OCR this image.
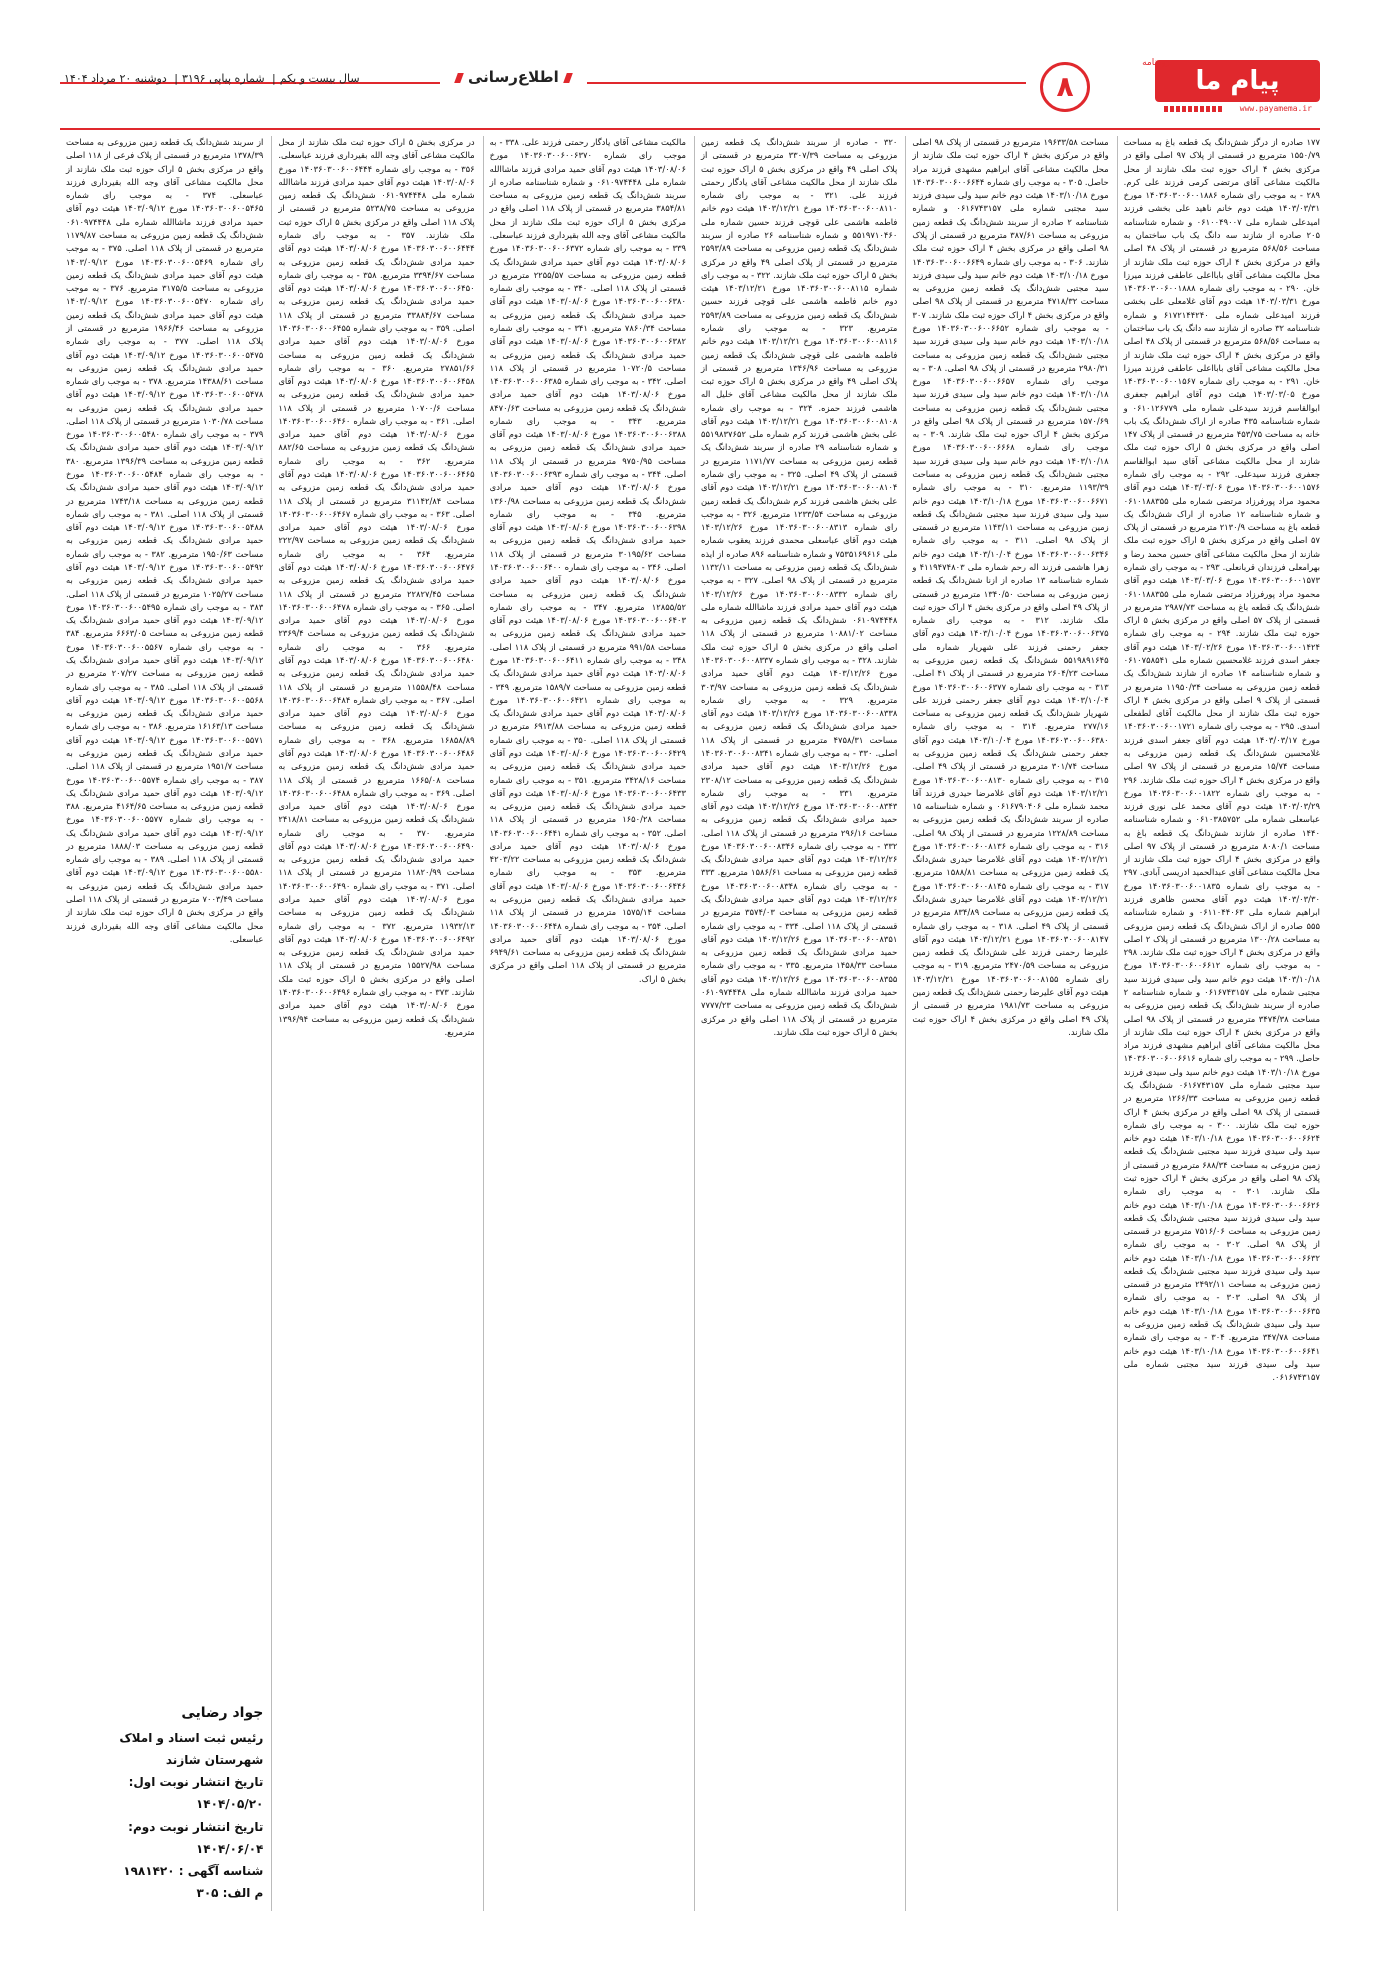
پیام ما
روزنامه
www.payamema.ir
۸
اطلاع‌رسانی
سال بیست و یکم| شماره پیاپی ۳۱۹۶| دوشنبه ۲۰ مرداد ۱۴۰۴

۱۷۷ صادره از درگز شش‌دانگ یک قطعه باغ به مساحت ۱۵۵۰/۷۹ مترمربع در قسمتی از پلاک ۹۷ اصلی واقع در مرکزی بخش ۴ اراک حوزه ثبت ملک شازند از محل مالکیت مشاعی آقای مرتضی کرمی فرزند علی کرم. ۲۸۹ - به موجب رای شماره ۱۴۰۳۶۰۳۰۰۶۰۰۱۸۸۶ مورخ ۱۴۰۳/۰۳/۳۱ هیئت دوم خانم ناهید علی بخشی فرزند امیدعلی شماره ملی ۰۶۱۰۰۴۹۰۰۷ و شماره شناسنامه ۲۰۵ صادره از شازند سه دانگ یک باب ساختمان به مساحت ۵۶۸/۵۶ مترمربع در قسمتی از پلاک ۴۸ اصلی واقع در مرکزی بخش ۴ اراک حوزه ثبت ملک شازند از محل مالکیت مشاعی آقای بابااعلی عاطفی فرزند میرزا خان. ۲۹۰ - به موجب رای شماره ۱۴۰۳۶۰۳۰۰۶۰۰۱۸۸۸ مورخ ۱۴۰۳/۰۳/۳۱ هیئت دوم آقای غلامعلی علی بخشی فرزند امیدعلی شماره ملی ۶۱۷۲۱۴۴۲۴۰ و شماره شناسنامه ۳۲ صادره از شازند سه دانگ یک باب ساختمان به مساحت ۵۶۸/۵۶ مترمربع در قسمتی از پلاک ۴۸ اصلی واقع در مرکزی بخش ۴ اراک حوزه ثبت ملک شازند از محل مالکیت مشاعی آقای بابااعلی عاطفی فرزند میرزا خان. ۲۹۱ - به موجب رای شماره ۱۴۰۳۶۰۳۰۰۶۰۰۱۵۶۷ مورخ ۱۴۰۳/۰۳/۰۵ هیئت دوم آقای ابراهیم جعفری ابوالقاسم فرزند سیدعلی شماره ملی ۰۶۱۰۱۲۶۷۷۹ و شماره شناسنامه ۴۳۵ صادره از اراک شش‌دانگ یک باب خانه به مساحت ۴۵۳/۷۵ مترمربع در قسمتی از پلاک ۱۴۷ اصلی واقع در مرکزی بخش ۵ اراک حوزه ثبت ملک شازند از محل مالکیت مشاعی آقای سید ابوالقاسم جعفری فرزند سیدعلی. ۲۹۲ - به موجب رای شماره ۱۴۰۳۶۰۳۰۰۶۰۰۱۵۷۶ مورخ ۱۴۰۳/۰۳/۰۶ هیئت دوم آقای محمود مراد پورفرزاد مرتضی شماره ملی ۰۶۱۰۱۸۸۳۵۵ و شماره شناسنامه ۱۲ صادره از اراک شش‌دانگ یک قطعه باغ به مساحت ۲۱۳۰/۹ مترمربع در قسمتی از پلاک ۵۷ اصلی واقع در مرکزی بخش ۵ اراک حوزه ثبت ملک شازند از محل مالکیت مشاعی آقای حسین محمد رضا و بهرامعلی فرزندان قربانعلی. ۲۹۳ - به موجب رای شماره ۱۴۰۳۶۰۳۰۰۶۰۰۱۵۷۳ مورخ ۱۴۰۳/۰۳/۰۶ هیئت دوم آقای محمود مراد پورفرزاد مرتضی شماره ملی ۰۶۱۰۱۸۸۳۵۵ شش‌دانگ یک قطعه باغ به مساحت ۲۹۸۷/۷۳ مترمربع در قسمتی از پلاک ۵۷ اصلی واقع در مرکزی بخش ۵ اراک حوزه ثبت ملک شازند. ۲۹۴ - به موجب رای شماره ۱۴۰۳۶۰۳۰۰۶۰۰۱۴۲۴ مورخ ۱۴۰۳/۰۲/۲۶ هیئت دوم آقای جعفر اسدی فرزند غلامحسین شماره ملی ۰۶۱۰۷۵۸۵۴۱ و شماره شناسنامه ۱۴ صادره از شازند شش‌دانگ یک قطعه زمین مزروعی به مساحت ۱۱۹۵۰/۳۴ مترمربع در قسمتی از پلاک ۹ اصلی واقع در مرکزی بخش ۴ اراک حوزه ثبت ملک شازند از محل مالکیت آقای لطفعلی اسدی. ۲۹۵ - به موجب رای شماره ۱۴۰۳۶۰۳۰۰۶۰۰۱۷۲۱ مورخ ۱۴۰۳/۰۳/۱۷ هیئت دوم آقای جعفر اسدی فرزند غلامحسین شش‌دانگ یک قطعه زمین مزروعی به مساحت ۱۵/۷۴ مترمربع در قسمتی از پلاک ۹۷ اصلی واقع در مرکزی بخش ۴ اراک حوزه ثبت ملک شازند. ۲۹۶ - به موجب رای شماره ۱۴۰۳۶۰۳۰۰۶۰۰۱۸۲۲ مورخ ۱۴۰۳/۰۳/۲۹ هیئت دوم آقای محمد علی نوری فرزند عباسعلی شماره ملی ۰۶۱۰۳۸۵۷۵۲ و شماره شناسنامه ۱۴۴۰ صادره از شازند شش‌دانگ یک قطعه باغ به مساحت ۸۰۸۰/۱ مترمربع در قسمتی از پلاک ۹۷ اصلی واقع در مرکزی بخش ۴ اراک حوزه ثبت ملک شازند از محل مالکیت مشاعی آقای عبدالحمید ادریسی آبادی. ۲۹۷ - به موجب رای شماره ۱۴۰۳۶۰۳۰۰۶۰۰۱۸۳۵ مورخ ۱۴۰۳/۰۳/۳۰ هیئت دوم آقای محسن ظاهری فرزند ابراهیم شماره ملی ۰۶۱۱۰۴۴۰۶۳ و شماره شناسنامه ۵۵۵ صادره از اراک شش‌دانگ یک قطعه زمین مزروعی به مساحت ۱۳۰۰/۲۸ مترمربع در قسمتی از پلاک ۲ اصلی واقع در مرکزی بخش ۴ اراک حوزه ثبت ملک شازند. ۲۹۸ - به موجب رای شماره ۱۴۰۳۶۰۳۰۰۶۰۰۶۶۱۲ مورخ ۱۴۰۳/۱۰/۱۸ هیئت دوم خانم سید ولی سیدی فرزند سید مجتبی شماره ملی ۰۶۱۶۷۴۳۱۵۷ و شماره شناسنامه ۲ صادره از سربند شش‌دانگ یک قطعه زمین مزروعی به مساحت ۳۴۷۴/۳۸ مترمربع در قسمتی از پلاک ۹۸ اصلی واقع در مرکزی بخش ۴ اراک حوزه ثبت ملک شازند از محل مالکیت مشاعی آقای ابراهیم مشهدی فرزند مراد حاصل. ۲۹۹ - به موجب رای شماره ۱۴۰۳۶۰۳۰۰۶۰۰۶۶۱۶ مورخ ۱۴۰۳/۱۰/۱۸ هیئت دوم خانم سید ولی سیدی فرزند سید مجتبی شماره ملی ۰۶۱۶۷۴۳۱۵۷ شش‌دانگ یک قطعه زمین مزروعی به مساحت ۱۲۶۶/۳۳ مترمربع در قسمتی از پلاک ۹۸ اصلی واقع در مرکزی بخش ۴ اراک حوزه ثبت ملک شازند. ۳۰۰ - به موجب رای شماره ۱۴۰۳۶۰۳۰۰۶۰۰۶۶۲۴ مورخ ۱۴۰۳/۱۰/۱۸ هیئت دوم خانم سید ولی سیدی فرزند سید مجتبی شش‌دانگ یک قطعه زمین مزروعی به مساحت ۶۸۸/۳۴ مترمربع در قسمتی از پلاک ۹۸ اصلی واقع در مرکزی بخش ۴ اراک حوزه ثبت ملک شازند. ۳۰۱ - به موجب رای شماره ۱۴۰۳۶۰۳۰۰۶۰۰۶۶۲۶ مورخ ۱۴۰۳/۱۰/۱۸ هیئت دوم خانم سید ولی سیدی فرزند سید مجتبی شش‌دانگ یک قطعه زمین مزروعی به مساحت ۷۵۱۶/۰۶ مترمربع در قسمتی از پلاک ۹۸ اصلی. ۳۰۲ - به موجب رای شماره ۱۴۰۳۶۰۳۰۰۶۰۰۶۶۳۲ مورخ ۱۴۰۳/۱۰/۱۸ هیئت دوم خانم سید ولی سیدی فرزند سید مجتبی شش‌دانگ یک قطعه زمین مزروعی به مساحت ۲۴۹۲/۱۱ مترمربع در قسمتی از پلاک ۹۸ اصلی. ۳۰۳ - به موجب رای شماره ۱۴۰۳۶۰۳۰۰۶۰۰۶۶۳۵ مورخ ۱۴۰۳/۱۰/۱۸ هیئت دوم خانم سید ولی سیدی شش‌دانگ یک قطعه زمین مزروعی به مساحت ۳۴۷/۷۸ مترمربع. ۳۰۴ - به موجب رای شماره ۱۴۰۳۶۰۳۰۰۶۰۰۶۶۴۱ مورخ ۱۴۰۳/۱۰/۱۸ هیئت دوم خانم سید ولی سیدی فرزند سید مجتبی شماره ملی ۰۶۱۶۷۴۳۱۵۷.

مساحت ۱۹۶۳۳/۵۸ مترمربع در قسمتی از پلاک ۹۸ اصلی واقع در مرکزی بخش ۴ اراک حوزه ثبت ملک شازند از محل مالکیت مشاعی آقای ابراهیم مشهدی فرزند مراد حاصل. ۳۰۵ - به موجب رای شماره ۱۴۰۳۶۰۳۰۰۶۰۰۶۶۴۴ مورخ ۱۴۰۳/۱۰/۱۸ هیئت دوم خانم سید ولی سیدی فرزند سید مجتبی شماره ملی ۰۶۱۶۷۴۳۱۵۷ و شماره شناسنامه ۲ صادره از سربند شش‌دانگ یک قطعه زمین مزروعی به مساحت ۳۸۷/۶۱ مترمربع در قسمتی از پلاک ۹۸ اصلی واقع در مرکزی بخش ۴ اراک حوزه ثبت ملک شازند. ۳۰۶ - به موجب رای شماره ۱۴۰۳۶۰۳۰۰۶۰۰۶۶۴۹ مورخ ۱۴۰۳/۱۰/۱۸ هیئت دوم خانم سید ولی سیدی فرزند سید مجتبی شش‌دانگ یک قطعه زمین مزروعی به مساحت ۴۷۱۸/۳۲ مترمربع در قسمتی از پلاک ۹۸ اصلی واقع در مرکزی بخش ۴ اراک حوزه ثبت ملک شازند. ۳۰۷ - به موجب رای شماره ۱۴۰۳۶۰۳۰۰۶۰۰۶۶۵۲ مورخ ۱۴۰۳/۱۰/۱۸ هیئت دوم خانم سید ولی سیدی فرزند سید مجتبی شش‌دانگ یک قطعه زمین مزروعی به مساحت ۲۹۸۰/۳۱ مترمربع در قسمتی از پلاک ۹۸ اصلی. ۳۰۸ - به موجب رای شماره ۱۴۰۳۶۰۳۰۰۶۰۰۶۶۵۷ مورخ ۱۴۰۳/۱۰/۱۸ هیئت دوم خانم سید ولی سیدی فرزند سید مجتبی شش‌دانگ یک قطعه زمین مزروعی به مساحت ۱۵۷۰/۶۹ مترمربع در قسمتی از پلاک ۹۸ اصلی واقع در مرکزی بخش ۴ اراک حوزه ثبت ملک شازند. ۳۰۹ - به موجب رای شماره ۱۴۰۳۶۰۳۰۰۶۰۰۶۶۶۸ مورخ ۱۴۰۳/۱۰/۱۸ هیئت دوم خانم سید ولی سیدی فرزند سید مجتبی شش‌دانگ یک قطعه زمین مزروعی به مساحت ۱۱۹۳/۳۹ مترمربع. ۳۱۰ - به موجب رای شماره ۱۴۰۳۶۰۳۰۰۶۰۰۶۶۷۱ مورخ ۱۴۰۳/۱۰/۱۸ هیئت دوم خانم سید ولی سیدی فرزند سید مجتبی شش‌دانگ یک قطعه زمین مزروعی به مساحت ۱۱۴۳/۱۱ مترمربع در قسمتی از پلاک ۹۸ اصلی. ۳۱۱ - به موجب رای شماره ۱۴۰۳۶۰۳۰۰۶۰۰۶۳۴۶ مورخ ۱۴۰۳/۱۰/۰۴ هیئت دوم خانم زهرا هاشمی فرزند اله رحم شماره ملی ۴۱۱۹۴۷۴۸۰۳ و شماره شناسنامه ۱۳ صادره از ازنا شش‌دانگ یک قطعه زمین مزروعی به مساحت ۱۳۴۰/۵۰ مترمربع در قسمتی از پلاک ۴۹ اصلی واقع در مرکزی بخش ۴ اراک حوزه ثبت ملک شازند. ۳۱۲ - به موجب رای شماره ۱۴۰۳۶۰۳۰۰۶۰۰۶۳۷۵ مورخ ۱۴۰۳/۱۰/۰۴ هیئت دوم آقای جعفر رحمنی فرزند علی شهریار شماره ملی ۵۵۱۹۸۹۱۶۴۵ شش‌دانگ یک قطعه زمین مزروعی به مساحت ۲۶۰۴/۲۳ مترمربع در قسمتی از پلاک ۴۱ اصلی. ۳۱۳ - به موجب رای شماره ۱۴۰۳۶۰۳۰۰۶۰۰۶۳۷۷ مورخ ۱۴۰۳/۱۰/۰۴ هیئت دوم آقای جعفر رحمنی فرزند علی شهریار شش‌دانگ یک قطعه زمین مزروعی به مساحت ۲۷۷/۱۶ مترمربع. ۳۱۴ - به موجب رای شماره ۱۴۰۳۶۰۳۰۰۶۰۰۶۳۸۰ مورخ ۱۴۰۳/۱۰/۰۴ هیئت دوم آقای جعفر رحمنی شش‌دانگ یک قطعه زمین مزروعی به مساحت ۳۰۱/۷۴ مترمربع در قسمتی از پلاک ۴۹ اصلی. ۳۱۵ - به موجب رای شماره ۱۴۰۳۶۰۳۰۰۶۰۰۸۱۳۰ مورخ ۱۴۰۳/۱۲/۲۱ هیئت دوم آقای غلامرضا حیدری فرزند آقا محمد شماره ملی ۰۶۱۶۷۹۰۴۰۶ و شماره شناسنامه ۱۵ صادره از سربند شش‌دانگ یک قطعه زمین مزروعی به مساحت ۱۲۲۸/۸۹ مترمربع در قسمتی از پلاک ۹۸ اصلی. ۳۱۶ - به موجب رای شماره ۱۴۰۳۶۰۳۰۰۶۰۰۸۱۳۶ مورخ ۱۴۰۳/۱۲/۲۱ هیئت دوم آقای غلامرضا حیدری شش‌دانگ یک قطعه زمین مزروعی به مساحت ۱۵۸۸/۸۱ مترمربع. ۳۱۷ - به موجب رای شماره ۱۴۰۳۶۰۳۰۰۶۰۰۸۱۴۵ مورخ ۱۴۰۳/۱۲/۲۱ هیئت دوم آقای غلامرضا حیدری شش‌دانگ یک قطعه زمین مزروعی به مساحت ۸۳۴/۸۹ مترمربع در قسمتی از پلاک ۴۹ اصلی. ۳۱۸ - به موجب رای شماره ۱۴۰۳۶۰۳۰۰۶۰۰۸۱۴۷ مورخ ۱۴۰۳/۱۲/۲۱ هیئت دوم آقای علیرضا رحمنی فرزند علی شش‌دانگ یک قطعه زمین مزروعی به مساحت ۲۴۷۰/۵۹ مترمربع. ۳۱۹ - به موجب رای شماره ۱۴۰۳۶۰۳۰۰۶۰۰۸۱۵۵ مورخ ۱۴۰۳/۱۲/۲۱ هیئت دوم آقای علیرضا رحمنی شش‌دانگ یک قطعه زمین مزروعی به مساحت ۱۹۸۱/۷۳ مترمربع در قسمتی از پلاک ۴۹ اصلی واقع در مرکزی بخش ۴ اراک حوزه ثبت ملک شازند.

۳۲۰ - صادره از سربند شش‌دانگ یک قطعه زمین مزروعی به مساحت ۳۳۰۷/۳۹ مترمربع در قسمتی از پلاک اصلی ۴۹ واقع در مرکزی بخش ۵ اراک حوزه ثبت ملک شازند از محل مالکیت مشاعی آقای یادگار رحمتی فرزند علی. ۳۲۱ - به موجب رای شماره ۱۴۰۳۶۰۳۰۰۶۰۰۸۱۱۰ مورخ ۱۴۰۳/۱۲/۲۱ هیئت دوم خانم فاطمه هاشمی علی قوچی فرزند حسین شماره ملی ۵۵۱۹۷۱۰۴۶۰ و شماره شناسنامه ۲۶ صادره از سربند شش‌دانگ یک قطعه زمین مزروعی به مساحت ۲۵۹۳/۸۹ مترمربع در قسمتی از پلاک اصلی ۴۹ واقع در مرکزی بخش ۵ اراک حوزه ثبت ملک شازند. ۳۲۲ - به موجب رای شماره ۱۴۰۳۶۰۳۰۰۶۰۰۸۱۱۵ مورخ ۱۴۰۳/۱۲/۲۱ هیئت دوم خانم فاطمه هاشمی علی قوچی فرزند حسین شش‌دانگ یک قطعه زمین مزروعی به مساحت ۲۵۹۳/۸۹ مترمربع. ۳۲۳ - به موجب رای شماره ۱۴۰۳۶۰۳۰۰۶۰۰۸۱۱۶ مورخ ۱۴۰۳/۱۲/۲۱ هیئت دوم خانم فاطمه هاشمی علی قوچی شش‌دانگ یک قطعه زمین مزروعی به مساحت ۱۳۴۶/۹۶ مترمربع در قسمتی از پلاک اصلی ۴۹ واقع در مرکزی بخش ۵ اراک حوزه ثبت ملک شازند از محل مالکیت مشاعی آقای خلیل اله هاشمی فرزند حمزه. ۳۲۴ - به موجب رای شماره ۱۴۰۳۶۰۳۰۰۶۰۰۸۱۰۸ مورخ ۱۴۰۳/۱۲/۲۱ هیئت دوم آقای علی بخش هاشمی فرزند کرم شماره ملی ۵۵۱۹۸۳۷۶۵۲ و شماره شناسنامه ۲۹ صادره از سربند شش‌دانگ یک قطعه زمین مزروعی به مساحت ۱۱۷۱/۷۷ مترمربع در قسمتی از پلاک ۴۹ اصلی. ۳۲۵ - به موجب رای شماره ۱۴۰۳۶۰۳۰۰۶۰۰۸۱۰۴ مورخ ۱۴۰۳/۱۲/۲۱ هیئت دوم آقای علی بخش هاشمی فرزند کرم شش‌دانگ یک قطعه زمین مزروعی به مساحت ۱۲۳۳/۵۴ مترمربع. ۳۲۶ - به موجب رای شماره ۱۴۰۳۶۰۳۰۰۶۰۰۸۳۱۳ مورخ ۱۴۰۳/۱۲/۲۶ هیئت دوم آقای عباسعلی محمدی فرزند یعقوب شماره ملی ۷۵۳۵۱۶۹۶۱۶ و شماره شناسنامه ۸۹۶ صادره از ایذه شش‌دانگ یک قطعه زمین مزروعی به مساحت ۱۱۳۲/۱۱ مترمربع در قسمتی از پلاک ۹۸ اصلی. ۳۲۷ - به موجب رای شماره ۱۴۰۳۶۰۳۰۰۶۰۰۸۳۳۲ مورخ ۱۴۰۳/۱۲/۲۶ هیئت دوم آقای حمید مرادی فرزند ماشاالله شماره ملی ۰۶۱۰۹۷۴۴۴۸ شش‌دانگ یک قطعه زمین مزروعی به مساحت ۱۰۸۸۱/۰۲ مترمربع در قسمتی از پلاک ۱۱۸ اصلی واقع در مرکزی بخش ۵ اراک حوزه ثبت ملک شازند. ۳۲۸ - به موجب رای شماره ۱۴۰۳۶۰۳۰۰۶۰۰۸۳۳۷ مورخ ۱۴۰۳/۱۲/۲۶ هیئت دوم آقای حمید مرادی شش‌دانگ یک قطعه زمین مزروعی به مساحت ۳۰۳/۹۷ مترمربع. ۳۲۹ - به موجب رای شماره ۱۴۰۳۶۰۳۰۰۶۰۰۸۳۳۸ مورخ ۱۴۰۳/۱۲/۲۶ هیئت دوم آقای حمید مرادی شش‌دانگ یک قطعه زمین مزروعی به مساحت ۴۷۵۸/۳۱ مترمربع در قسمتی از پلاک ۱۱۸ اصلی. ۳۳۰ - به موجب رای شماره ۱۴۰۳۶۰۳۰۰۶۰۰۸۳۴۱ مورخ ۱۴۰۳/۱۲/۲۶ هیئت دوم آقای حمید مرادی شش‌دانگ یک قطعه زمین مزروعی به مساحت ۲۳۰۸/۱۲ مترمربع. ۳۳۱ - به موجب رای شماره ۱۴۰۳۶۰۳۰۰۶۰۰۸۳۴۳ مورخ ۱۴۰۳/۱۲/۲۶ هیئت دوم آقای حمید مرادی شش‌دانگ یک قطعه زمین مزروعی به مساحت ۲۹۶/۱۶ مترمربع در قسمتی از پلاک ۱۱۸ اصلی. ۳۳۲ - به موجب رای شماره ۱۴۰۳۶۰۳۰۰۶۰۰۸۳۴۶ مورخ ۱۴۰۳/۱۲/۲۶ هیئت دوم آقای حمید مرادی شش‌دانگ یک قطعه زمین مزروعی به مساحت ۱۵۸۶/۶۱ مترمربع. ۳۳۳ - به موجب رای شماره ۱۴۰۳۶۰۳۰۰۶۰۰۸۳۴۸ مورخ ۱۴۰۳/۱۲/۲۶ هیئت دوم آقای حمید مرادی شش‌دانگ یک قطعه زمین مزروعی به مساحت ۳۵۷۴/۰۳ مترمربع در قسمتی از پلاک ۱۱۸ اصلی. ۳۳۴ - به موجب رای شماره ۱۴۰۳۶۰۳۰۰۶۰۰۸۳۵۱ مورخ ۱۴۰۳/۱۲/۲۶ هیئت دوم آقای حمید مرادی شش‌دانگ یک قطعه زمین مزروعی به مساحت ۱۴۵۸/۳۳ مترمربع. ۳۳۵ - به موجب رای شماره ۱۴۰۳۶۰۳۰۰۶۰۰۸۳۵۵ مورخ ۱۴۰۳/۱۲/۲۶ هیئت دوم آقای حمید مرادی فرزند ماشاالله شماره ملی ۰۶۱۰۹۷۴۴۴۸ شش‌دانگ یک قطعه زمین مزروعی به مساحت ۷۷۷۷/۲۳ مترمربع در قسمتی از پلاک ۱۱۸ اصلی واقع در مرکزی بخش ۵ اراک حوزه ثبت ملک شازند.

مالکیت مشاعی آقای یادگار رحمتی فرزند علی. ۳۳۸ - به موجب رای شماره ۱۴۰۳۶۰۳۰۰۶۰۰۶۳۷۰ مورخ ۱۴۰۳/۰۸/۰۶ هیئت دوم آقای حمید مرادی فرزند ماشاالله شماره ملی ۰۶۱۰۹۷۴۴۴۸ و شماره شناسنامه صادره از سربند شش‌دانگ یک قطعه زمین مزروعی به مساحت ۳۸۵۴/۸۱ مترمربع در قسمتی از پلاک ۱۱۸ اصلی واقع در مرکزی بخش ۵ اراک حوزه ثبت ملک شازند از محل مالکیت مشاعی آقای وجه الله بقیرداری فرزند عباسعلی. ۳۳۹ - به موجب رای شماره ۱۴۰۳۶۰۳۰۰۶۰۰۶۳۷۲ مورخ ۱۴۰۳/۰۸/۰۶ هیئت دوم آقای حمید مرادی شش‌دانگ یک قطعه زمین مزروعی به مساحت ۲۲۵۵/۵۷ مترمربع در قسمتی از پلاک ۱۱۸ اصلی. ۳۴۰ - به موجب رای شماره ۱۴۰۳۶۰۳۰۰۶۰۰۶۳۸۰ مورخ ۱۴۰۳/۰۸/۰۶ هیئت دوم آقای حمید مرادی شش‌دانگ یک قطعه زمین مزروعی به مساحت ۷۸۶۰/۳۴ مترمربع. ۳۴۱ - به موجب رای شماره ۱۴۰۳۶۰۳۰۰۶۰۰۶۳۸۲ مورخ ۱۴۰۳/۰۸/۰۶ هیئت دوم آقای حمید مرادی شش‌دانگ یک قطعه زمین مزروعی به مساحت ۱۰۷۲۰/۵ مترمربع در قسمتی از پلاک ۱۱۸ اصلی. ۳۴۲ - به موجب رای شماره ۱۴۰۳۶۰۳۰۰۶۰۰۶۳۸۵ مورخ ۱۴۰۳/۰۸/۰۶ هیئت دوم آقای حمید مرادی شش‌دانگ یک قطعه زمین مزروعی به مساحت ۸۴۷۰/۶۳ مترمربع. ۳۴۳ - به موجب رای شماره ۱۴۰۳۶۰۳۰۰۶۰۰۶۳۸۸ مورخ ۱۴۰۳/۰۸/۰۶ هیئت دوم آقای حمید مرادی شش‌دانگ یک قطعه زمین مزروعی به مساحت ۹۷۵۰/۹۵ مترمربع در قسمتی از پلاک ۱۱۸ اصلی. ۳۴۴ - به موجب رای شماره ۱۴۰۳۶۰۳۰۰۶۰۰۶۳۹۳ مورخ ۱۴۰۳/۰۸/۰۶ هیئت دوم آقای حمید مرادی شش‌دانگ یک قطعه زمین مزروعی به مساحت ۱۳۶۰/۹۸ مترمربع. ۳۴۵ - به موجب رای شماره ۱۴۰۳۶۰۳۰۰۶۰۰۶۳۹۸ مورخ ۱۴۰۳/۰۸/۰۶ هیئت دوم آقای حمید مرادی شش‌دانگ یک قطعه زمین مزروعی به مساحت ۳۰۱۹۵/۶۲ مترمربع در قسمتی از پلاک ۱۱۸ اصلی. ۳۴۶ - به موجب رای شماره ۱۴۰۳۶۰۳۰۰۶۰۰۶۴۰۰ مورخ ۱۴۰۳/۰۸/۰۶ هیئت دوم آقای حمید مرادی شش‌دانگ یک قطعه زمین مزروعی به مساحت ۱۲۸۵۵/۵۲ مترمربع. ۳۴۷ - به موجب رای شماره ۱۴۰۳۶۰۳۰۰۶۰۰۶۴۰۳ مورخ ۱۴۰۳/۰۸/۰۶ هیئت دوم آقای حمید مرادی شش‌دانگ یک قطعه زمین مزروعی به مساحت ۹۹۱/۵۸ مترمربع در قسمتی از پلاک ۱۱۸ اصلی. ۳۴۸ - به موجب رای شماره ۱۴۰۳۶۰۳۰۰۶۰۰۶۴۱۱ مورخ ۱۴۰۳/۰۸/۰۶ هیئت دوم آقای حمید مرادی شش‌دانگ یک قطعه زمین مزروعی به مساحت ۱۵۸۹/۷ مترمربع. ۳۴۹ - به موجب رای شماره ۱۴۰۳۶۰۳۰۰۶۰۰۶۴۲۱ مورخ ۱۴۰۳/۰۸/۰۶ هیئت دوم آقای حمید مرادی شش‌دانگ یک قطعه زمین مزروعی به مساحت ۶۹۱۳/۸۸ مترمربع در قسمتی از پلاک ۱۱۸ اصلی. ۳۵۰ - به موجب رای شماره ۱۴۰۳۶۰۳۰۰۶۰۰۶۴۲۹ مورخ ۱۴۰۳/۰۸/۰۶ هیئت دوم آقای حمید مرادی شش‌دانگ یک قطعه زمین مزروعی به مساحت ۳۴۲۸/۱۶ مترمربع. ۳۵۱ - به موجب رای شماره ۱۴۰۳۶۰۳۰۰۶۰۰۶۴۳۳ مورخ ۱۴۰۳/۰۸/۰۶ هیئت دوم آقای حمید مرادی شش‌دانگ یک قطعه زمین مزروعی به مساحت ۱۶۵۰/۲۸ مترمربع در قسمتی از پلاک ۱۱۸ اصلی. ۳۵۲ - به موجب رای شماره ۱۴۰۳۶۰۳۰۰۶۰۰۶۴۴۱ مورخ ۱۴۰۳/۰۸/۰۶ هیئت دوم آقای حمید مرادی شش‌دانگ یک قطعه زمین مزروعی به مساحت ۴۲۰۳/۲۲ مترمربع. ۳۵۳ - به موجب رای شماره ۱۴۰۳۶۰۳۰۰۶۰۰۶۴۴۶ مورخ ۱۴۰۳/۰۸/۰۶ هیئت دوم آقای حمید مرادی شش‌دانگ یک قطعه زمین مزروعی به مساحت ۱۵۷۵/۱۴ مترمربع در قسمتی از پلاک ۱۱۸ اصلی. ۳۵۴ - به موجب رای شماره ۱۴۰۳۶۰۳۰۰۶۰۰۶۴۴۸ مورخ ۱۴۰۳/۰۸/۰۶ هیئت دوم آقای حمید مرادی شش‌دانگ یک قطعه زمین مزروعی به مساحت ۶۹۴۹/۶۱ مترمربع در قسمتی از پلاک ۱۱۸ اصلی واقع در مرکزی بخش ۵ اراک.

در مرکزی بخش ۵ اراک حوزه ثبت ملک شازند از محل مالکیت مشاعی آقای وجه الله بقیرداری فرزند عباسعلی. ۳۵۶ - به موجب رای شماره ۱۴۰۳۶۰۳۰۰۶۰۰۶۴۴۴ مورخ ۱۴۰۳/۰۸/۰۶ هیئت دوم آقای حمید مرادی فرزند ماشاالله شماره ملی ۰۶۱۰۹۷۴۴۴۸ شش‌دانگ یک قطعه زمین مزروعی به مساحت ۵۲۳۸/۷۵ مترمربع در قسمتی از پلاک ۱۱۸ اصلی واقع در مرکزی بخش ۵ اراک حوزه ثبت ملک شازند. ۳۵۷ - به موجب رای شماره ۱۴۰۳۶۰۳۰۰۶۰۰۶۴۴۴ مورخ ۱۴۰۳/۰۸/۰۶ هیئت دوم آقای حمید مرادی شش‌دانگ یک قطعه زمین مزروعی به مساحت ۳۳۹۴/۶۷ مترمربع. ۳۵۸ - به موجب رای شماره ۱۴۰۳۶۰۳۰۰۶۰۰۶۴۵۰ مورخ ۱۴۰۳/۰۸/۰۶ هیئت دوم آقای حمید مرادی شش‌دانگ یک قطعه زمین مزروعی به مساحت ۳۳۸۸۴/۶۷ مترمربع در قسمتی از پلاک ۱۱۸ اصلی. ۳۵۹ - به موجب رای شماره ۱۴۰۳۶۰۳۰۰۶۰۰۶۴۵۵ مورخ ۱۴۰۳/۰۸/۰۶ هیئت دوم آقای حمید مرادی شش‌دانگ یک قطعه زمین مزروعی به مساحت ۲۷۸۵۱/۶۶ مترمربع. ۳۶۰ - به موجب رای شماره ۱۴۰۳۶۰۳۰۰۶۰۰۶۴۵۸ مورخ ۱۴۰۳/۰۸/۰۶ هیئت دوم آقای حمید مرادی شش‌دانگ یک قطعه زمین مزروعی به مساحت ۱۰۷۰۰/۶ مترمربع در قسمتی از پلاک ۱۱۸ اصلی. ۳۶۱ - به موجب رای شماره ۱۴۰۳۶۰۳۰۰۶۰۰۶۴۶۰ مورخ ۱۴۰۳/۰۸/۰۶ هیئت دوم آقای حمید مرادی شش‌دانگ یک قطعه زمین مزروعی به مساحت ۸۸۲/۶۵ مترمربع. ۳۶۲ - به موجب رای شماره ۱۴۰۳۶۰۳۰۰۶۰۰۶۴۶۵ مورخ ۱۴۰۳/۰۸/۰۶ هیئت دوم آقای حمید مرادی شش‌دانگ یک قطعه زمین مزروعی به مساحت ۳۱۱۴۲/۸۴ مترمربع در قسمتی از پلاک ۱۱۸ اصلی. ۳۶۳ - به موجب رای شماره ۱۴۰۳۶۰۳۰۰۶۰۰۶۴۶۷ مورخ ۱۴۰۳/۰۸/۰۶ هیئت دوم آقای حمید مرادی شش‌دانگ یک قطعه زمین مزروعی به مساحت ۲۲۲/۹۷ مترمربع. ۳۶۴ - به موجب رای شماره ۱۴۰۳۶۰۳۰۰۶۰۰۶۴۷۶ مورخ ۱۴۰۳/۰۸/۰۶ هیئت دوم آقای حمید مرادی شش‌دانگ یک قطعه زمین مزروعی به مساحت ۲۲۸۲۷/۴۵ مترمربع در قسمتی از پلاک ۱۱۸ اصلی. ۳۶۵ - به موجب رای شماره ۱۴۰۳۶۰۳۰۰۶۰۰۶۴۷۸ مورخ ۱۴۰۳/۰۸/۰۶ هیئت دوم آقای حمید مرادی شش‌دانگ یک قطعه زمین مزروعی به مساحت ۲۳۶۹/۴ مترمربع. ۳۶۶ - به موجب رای شماره ۱۴۰۳۶۰۳۰۰۶۰۰۶۴۸۰ مورخ ۱۴۰۳/۰۸/۰۶ هیئت دوم آقای حمید مرادی شش‌دانگ یک قطعه زمین مزروعی به مساحت ۱۱۵۵۸/۴۸ مترمربع در قسمتی از پلاک ۱۱۸ اصلی. ۳۶۷ - به موجب رای شماره ۱۴۰۳۶۰۳۰۰۶۰۰۶۴۸۴ مورخ ۱۴۰۳/۰۸/۰۶ هیئت دوم آقای حمید مرادی شش‌دانگ یک قطعه زمین مزروعی به مساحت ۱۶۸۵۸/۸۹ مترمربع. ۳۶۸ - به موجب رای شماره ۱۴۰۳۶۰۳۰۰۶۰۰۶۴۸۶ مورخ ۱۴۰۳/۰۸/۰۶ هیئت دوم آقای حمید مرادی شش‌دانگ یک قطعه زمین مزروعی به مساحت ۱۶۶۵/۰۸ مترمربع در قسمتی از پلاک ۱۱۸ اصلی. ۳۶۹ - به موجب رای شماره ۱۴۰۳۶۰۳۰۰۶۰۰۶۴۸۸ مورخ ۱۴۰۳/۰۸/۰۶ هیئت دوم آقای حمید مرادی شش‌دانگ یک قطعه زمین مزروعی به مساحت ۲۴۱۸/۸۱ مترمربع. ۳۷۰ - به موجب رای شماره ۱۴۰۳۶۰۳۰۰۶۰۰۶۴۹۰ مورخ ۱۴۰۳/۰۸/۰۶ هیئت دوم آقای حمید مرادی شش‌دانگ یک قطعه زمین مزروعی به مساحت ۱۱۸۲۰/۹۹ مترمربع در قسمتی از پلاک ۱۱۸ اصلی. ۳۷۱ - به موجب رای شماره ۱۴۰۳۶۰۳۰۰۶۰۰۶۴۹۰ مورخ ۱۴۰۳/۰۸/۰۶ هیئت دوم آقای حمید مرادی شش‌دانگ یک قطعه زمین مزروعی به مساحت ۱۱۹۳۲/۱۳ مترمربع. ۳۷۲ - به موجب رای شماره ۱۴۰۳۶۰۳۰۰۶۰۰۶۴۹۲ مورخ ۱۴۰۳/۰۸/۰۶ هیئت دوم آقای حمید مرادی شش‌دانگ یک قطعه زمین مزروعی به مساحت ۱۵۵۲۷/۹۸ مترمربع در قسمتی از پلاک ۱۱۸ اصلی واقع در مرکزی بخش ۵ اراک حوزه ثبت ملک شازند. ۳۷۳ - به موجب رای شماره ۱۴۰۳۶۰۳۰۰۶۰۰۶۴۹۶ مورخ ۱۴۰۳/۰۸/۰۶ هیئت دوم آقای حمید مرادی شش‌دانگ یک قطعه زمین مزروعی به مساحت ۱۳۹۶/۹۴ مترمربع.

از سربند شش‌دانگ یک قطعه زمین مزروعی به مساحت ۱۳۷۸/۳۹ مترمربع در قسمتی از پلاک فرعی از ۱۱۸ اصلی واقع در مرکزی بخش ۵ اراک حوزه ثبت ملک شازند از محل مالکیت مشاعی آقای وجه الله بقیرداری فرزند عباسعلی. ۳۷۴ - به موجب رای شماره ۱۴۰۳۶۰۳۰۰۶۰۰۵۴۶۵ مورخ ۱۴۰۳/۰۹/۱۲ هیئت دوم آقای حمید مرادی فرزند ماشاالله شماره ملی ۰۶۱۰۹۷۴۴۴۸ شش‌دانگ یک قطعه زمین مزروعی به مساحت ۱۱۷۹/۸۷ مترمربع در قسمتی از پلاک ۱۱۸ اصلی. ۳۷۵ - به موجب رای شماره ۱۴۰۳۶۰۳۰۰۶۰۰۵۴۶۹ مورخ ۱۴۰۳/۰۹/۱۲ هیئت دوم آقای حمید مرادی شش‌دانگ یک قطعه زمین مزروعی به مساحت ۳۱۷۵/۵ مترمربع. ۳۷۶ - به موجب رای شماره ۱۴۰۳۶۰۳۰۰۶۰۰۵۴۷۰ مورخ ۱۴۰۳/۰۹/۱۲ هیئت دوم آقای حمید مرادی شش‌دانگ یک قطعه زمین مزروعی به مساحت ۱۹۶۶/۴۶ مترمربع در قسمتی از پلاک ۱۱۸ اصلی. ۳۷۷ - به موجب رای شماره ۱۴۰۳۶۰۳۰۰۶۰۰۵۴۷۵ مورخ ۱۴۰۳/۰۹/۱۲ هیئت دوم آقای حمید مرادی شش‌دانگ یک قطعه زمین مزروعی به مساحت ۱۴۳۸۸/۶۱ مترمربع. ۳۷۸ - به موجب رای شماره ۱۴۰۳۶۰۳۰۰۶۰۰۵۴۷۸ مورخ ۱۴۰۳/۰۹/۱۲ هیئت دوم آقای حمید مرادی شش‌دانگ یک قطعه زمین مزروعی به مساحت ۱۰۳۰/۷۸ مترمربع در قسمتی از پلاک ۱۱۸ اصلی. ۳۷۹ - به موجب رای شماره ۱۴۰۳۶۰۳۰۰۶۰۰۵۴۸۰ مورخ ۱۴۰۳/۰۹/۱۲ هیئت دوم آقای حمید مرادی شش‌دانگ یک قطعه زمین مزروعی به مساحت ۱۳۹۶/۳۹ مترمربع. ۳۸۰ - به موجب رای شماره ۱۴۰۳۶۰۳۰۰۶۰۰۵۴۸۴ مورخ ۱۴۰۳/۰۹/۱۲ هیئت دوم آقای حمید مرادی شش‌دانگ یک قطعه زمین مزروعی به مساحت ۱۷۴۳/۱۸ مترمربع در قسمتی از پلاک ۱۱۸ اصلی. ۳۸۱ - به موجب رای شماره ۱۴۰۳۶۰۳۰۰۶۰۰۵۴۸۸ مورخ ۱۴۰۳/۰۹/۱۲ هیئت دوم آقای حمید مرادی شش‌دانگ یک قطعه زمین مزروعی به مساحت ۱۹۵۰/۶۳ مترمربع. ۳۸۲ - به موجب رای شماره ۱۴۰۳۶۰۳۰۰۶۰۰۵۴۹۲ مورخ ۱۴۰۳/۰۹/۱۲ هیئت دوم آقای حمید مرادی شش‌دانگ یک قطعه زمین مزروعی به مساحت ۱۰۲۵/۲۷ مترمربع در قسمتی از پلاک ۱۱۸ اصلی. ۳۸۳ - به موجب رای شماره ۱۴۰۳۶۰۳۰۰۶۰۰۵۴۹۵ مورخ ۱۴۰۳/۰۹/۱۲ هیئت دوم آقای حمید مرادی شش‌دانگ یک قطعه زمین مزروعی به مساحت ۶۶۶۳/۰۵ مترمربع. ۳۸۴ - به موجب رای شماره ۱۴۰۳۶۰۳۰۰۶۰۰۵۵۶۷ مورخ ۱۴۰۳/۰۹/۱۲ هیئت دوم آقای حمید مرادی شش‌دانگ یک قطعه زمین مزروعی به مساحت ۲۰۷/۲۷ مترمربع در قسمتی از پلاک ۱۱۸ اصلی. ۳۸۵ - به موجب رای شماره ۱۴۰۳۶۰۳۰۰۶۰۰۵۵۶۸ مورخ ۱۴۰۳/۰۹/۱۲ هیئت دوم آقای حمید مرادی شش‌دانگ یک قطعه زمین مزروعی به مساحت ۱۶۱۶۳/۱۳ مترمربع. ۳۸۶ - به موجب رای شماره ۱۴۰۳۶۰۳۰۰۶۰۰۵۵۷۱ مورخ ۱۴۰۳/۰۹/۱۲ هیئت دوم آقای حمید مرادی شش‌دانگ یک قطعه زمین مزروعی به مساحت ۱۹۵۱/۷ مترمربع در قسمتی از پلاک ۱۱۸ اصلی. ۳۸۷ - به موجب رای شماره ۱۴۰۳۶۰۳۰۰۶۰۰۵۵۷۴ مورخ ۱۴۰۳/۰۹/۱۲ هیئت دوم آقای حمید مرادی شش‌دانگ یک قطعه زمین مزروعی به مساحت ۴۱۶۴/۶۵ مترمربع. ۳۸۸ - به موجب رای شماره ۱۴۰۳۶۰۳۰۰۶۰۰۵۵۷۷ مورخ ۱۴۰۳/۰۹/۱۲ هیئت دوم آقای حمید مرادی شش‌دانگ یک قطعه زمین مزروعی به مساحت ۱۸۸۸/۰۳ مترمربع در قسمتی از پلاک ۱۱۸ اصلی. ۳۸۹ - به موجب رای شماره ۱۴۰۳۶۰۳۰۰۶۰۰۵۵۸۰ مورخ ۱۴۰۳/۰۹/۱۲ هیئت دوم آقای حمید مرادی شش‌دانگ یک قطعه زمین مزروعی به مساحت ۷۰۰۳/۴۹ مترمربع در قسمتی از پلاک ۱۱۸ اصلی واقع در مرکزی بخش ۵ اراک حوزه ثبت ملک شازند از محل مالکیت مشاعی آقای وجه الله بقیرداری فرزند عباسعلی.

جواد رضایی
رئیس ثبت اسناد و املاک شهرستان شازند
تاریخ انتشار نوبت اول: ۱۴۰۴/۰۵/۲۰
تاریخ انتشار نوبت دوم: ۱۴۰۴/۰۶/۰۴
شناسه آگهی : ۱۹۸۱۴۲۰
م الف: ۳۰۵
